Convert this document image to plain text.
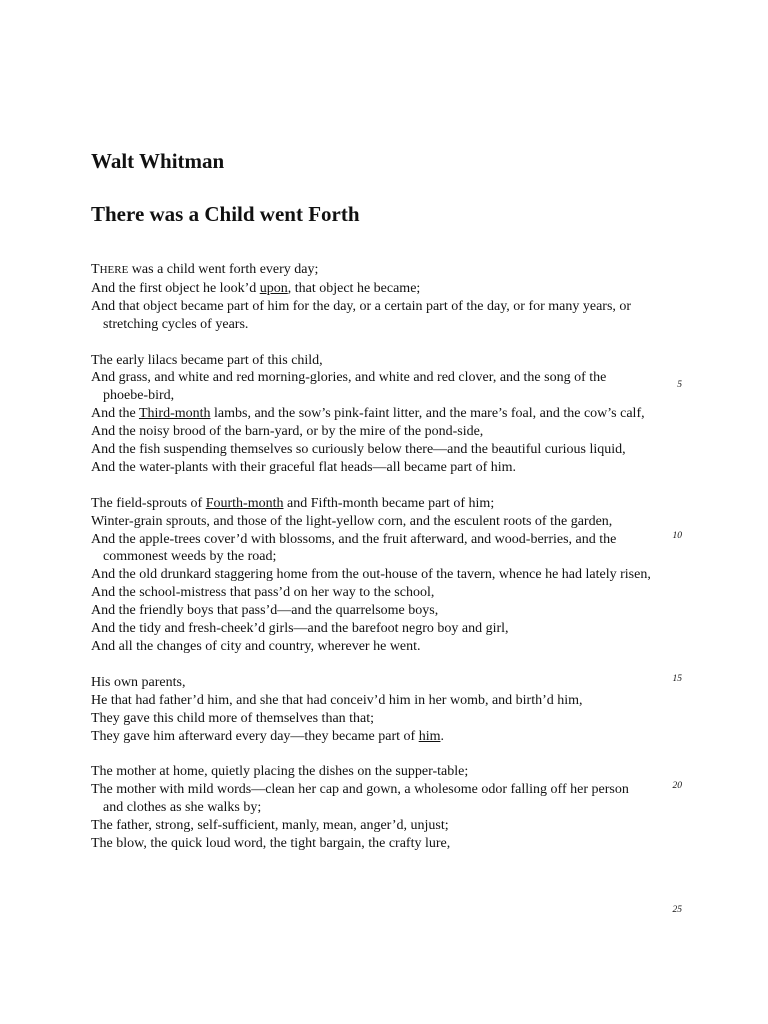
Walt Whitman
There was a Child went Forth

THERE was a child went forth every day;

And the first object he look’d upon, that object he became;

And that object became part of him for the day, or a certain part of the day, or for many years, or stretching cycles of years.

The early lilacs became part of this child,

And grass, and white and red morning-glories, and white and red clover, and the song of the phoebe-bird,

And the Third-month lambs, and the sow’s pink-faint litter, and the mare’s foal, and the cow’s calf,

And the noisy brood of the barn-yard, or by the mire of the pond-side,

And the fish suspending themselves so curiously below there—and the beautiful curious liquid,

And the water-plants with their graceful flat heads—all became part of him.

The field-sprouts of Fourth-month and Fifth-month became part of him;

Winter-grain sprouts, and those of the light-yellow corn, and the esculent roots of the garden,

And the apple-trees cover’d with blossoms, and the fruit afterward, and wood-berries, and the commonest weeds by the road;

And the old drunkard staggering home from the out-house of the tavern, whence he had lately risen,

And the school-mistress that pass’d on her way to the school,

And the friendly boys that pass’d—and the quarrelsome boys,

And the tidy and fresh-cheek’d girls—and the barefoot negro boy and girl,

And all the changes of city and country, wherever he went.

His own parents,

He that had father’d him, and she that had conceiv’d him in her womb, and birth’d him,

They gave this child more of themselves than that;

They gave him afterward every day—they became part of him.

The mother at home, quietly placing the dishes on the supper-table;

The mother with mild words—clean her cap and gown, a wholesome odor falling off her person and clothes as she walks by;

The father, strong, self-sufficient, manly, mean, anger’d, unjust;

The blow, the quick loud word, the tight bargain, the crafty lure,

5
10
15
20
25
